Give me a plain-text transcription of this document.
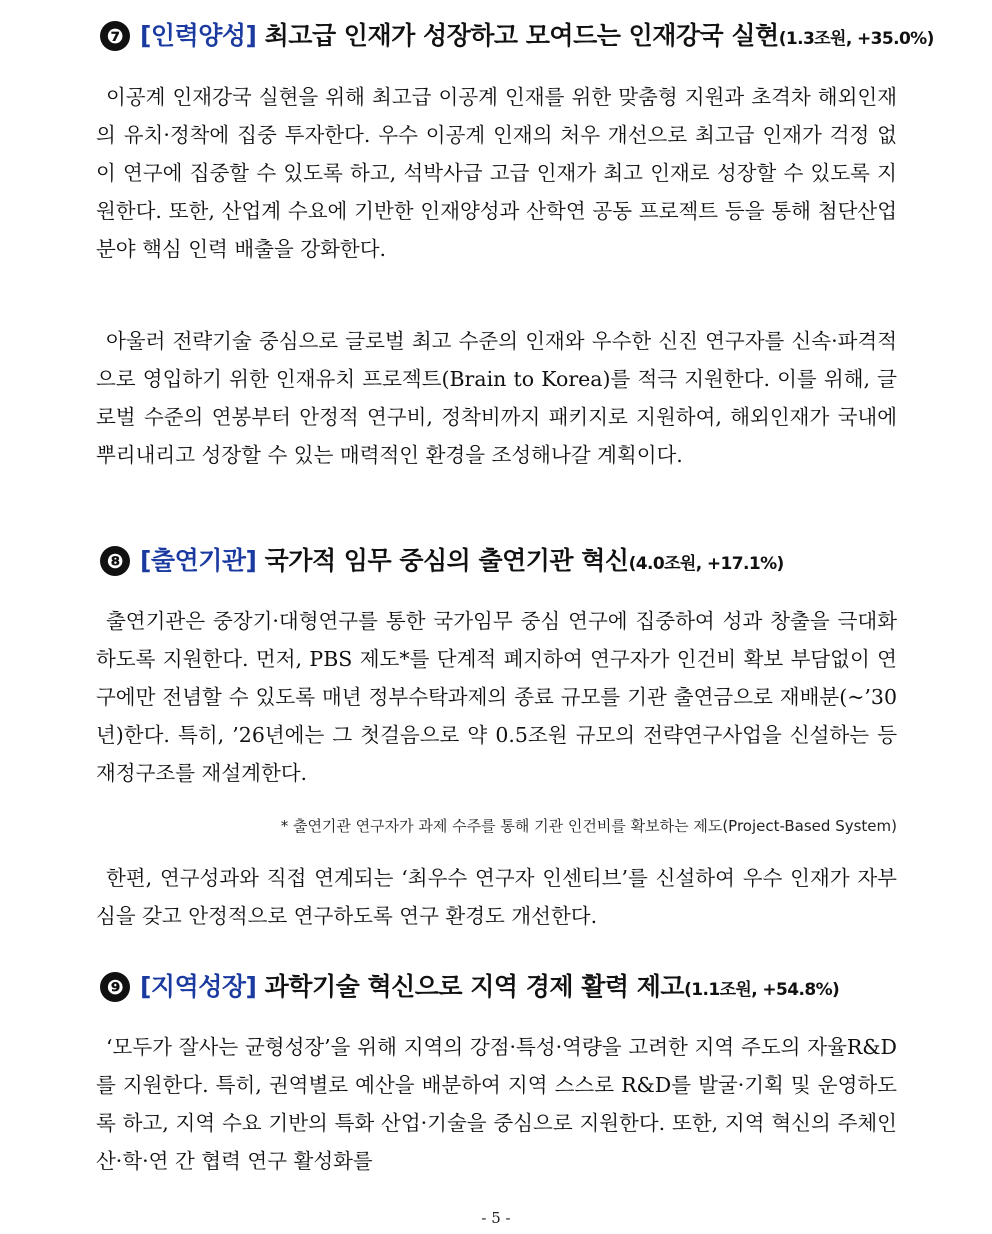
❼ [인력양성] 최고급 인재가 성장하고 모여드는 인재강국 실현(1.3조원, +35.0%)

이공계 인재강국 실현을 위해 최고급 이공계 인재를 위한 맞춤형 지원과 초격차 해외인재의 유치·정착에 집중 투자한다. 우수 이공계 인재의 처우 개선으로 최고급 인재가 걱정 없이 연구에 집중할 수 있도록 하고, 석박사급 고급 인재가 최고 인재로 성장할 수 있도록 지원한다. 또한, 산업계 수요에 기반한 인재양성과 산학연 공동 프로젝트 등을 통해 첨단산업 분야 핵심 인력 배출을 강화한다.

아울러 전략기술 중심으로 글로벌 최고 수준의 인재와 우수한 신진 연구자를 신속·파격적으로 영입하기 위한 인재유치 프로젝트(Brain to Korea)를 적극 지원한다. 이를 위해, 글로벌 수준의 연봉부터 안정적 연구비, 정착비까지 패키지로 지원하여, 해외인재가 국내에 뿌리내리고 성장할 수 있는 매력적인 환경을 조성해나갈 계획이다.

❽ [출연기관] 국가적 임무 중심의 출연기관 혁신(4.0조원, +17.1%)

출연기관은 중장기·대형연구를 통한 국가임무 중심 연구에 집중하여 성과 창출을 극대화하도록 지원한다. 먼저, PBS 제도*를 단계적 폐지하여 연구자가 인건비 확보 부담없이 연구에만 전념할 수 있도록 매년 정부수탁과제의 종료 규모를 기관 출연금으로 재배분(~’30년)한다. 특히, ’26년에는 그 첫걸음으로 약 0.5조원 규모의 전략연구사업을 신설하는 등 재정구조를 재설계한다.

* 출연기관 연구자가 과제 수주를 통해 기관 인건비를 확보하는 제도(Project-Based System)

한편, 연구성과와 직접 연계되는 ‘최우수 연구자 인센티브’를 신설하여 우수 인재가 자부심을 갖고 안정적으로 연구하도록 연구 환경도 개선한다.

❾ [지역성장] 과학기술 혁신으로 지역 경제 활력 제고(1.1조원, +54.8%)

‘모두가 잘사는 균형성장’을 위해 지역의 강점·특성·역량을 고려한 지역 주도의 자율R&D를 지원한다. 특히, 권역별로 예산을 배분하여 지역 스스로 R&D를 발굴·기획 및 운영하도록 하고, 지역 수요 기반의 특화 산업·기술을 중심으로 지원한다. 또한, 지역 혁신의 주체인 산·학·연 간 협력 연구 활성화를

- 5 -
